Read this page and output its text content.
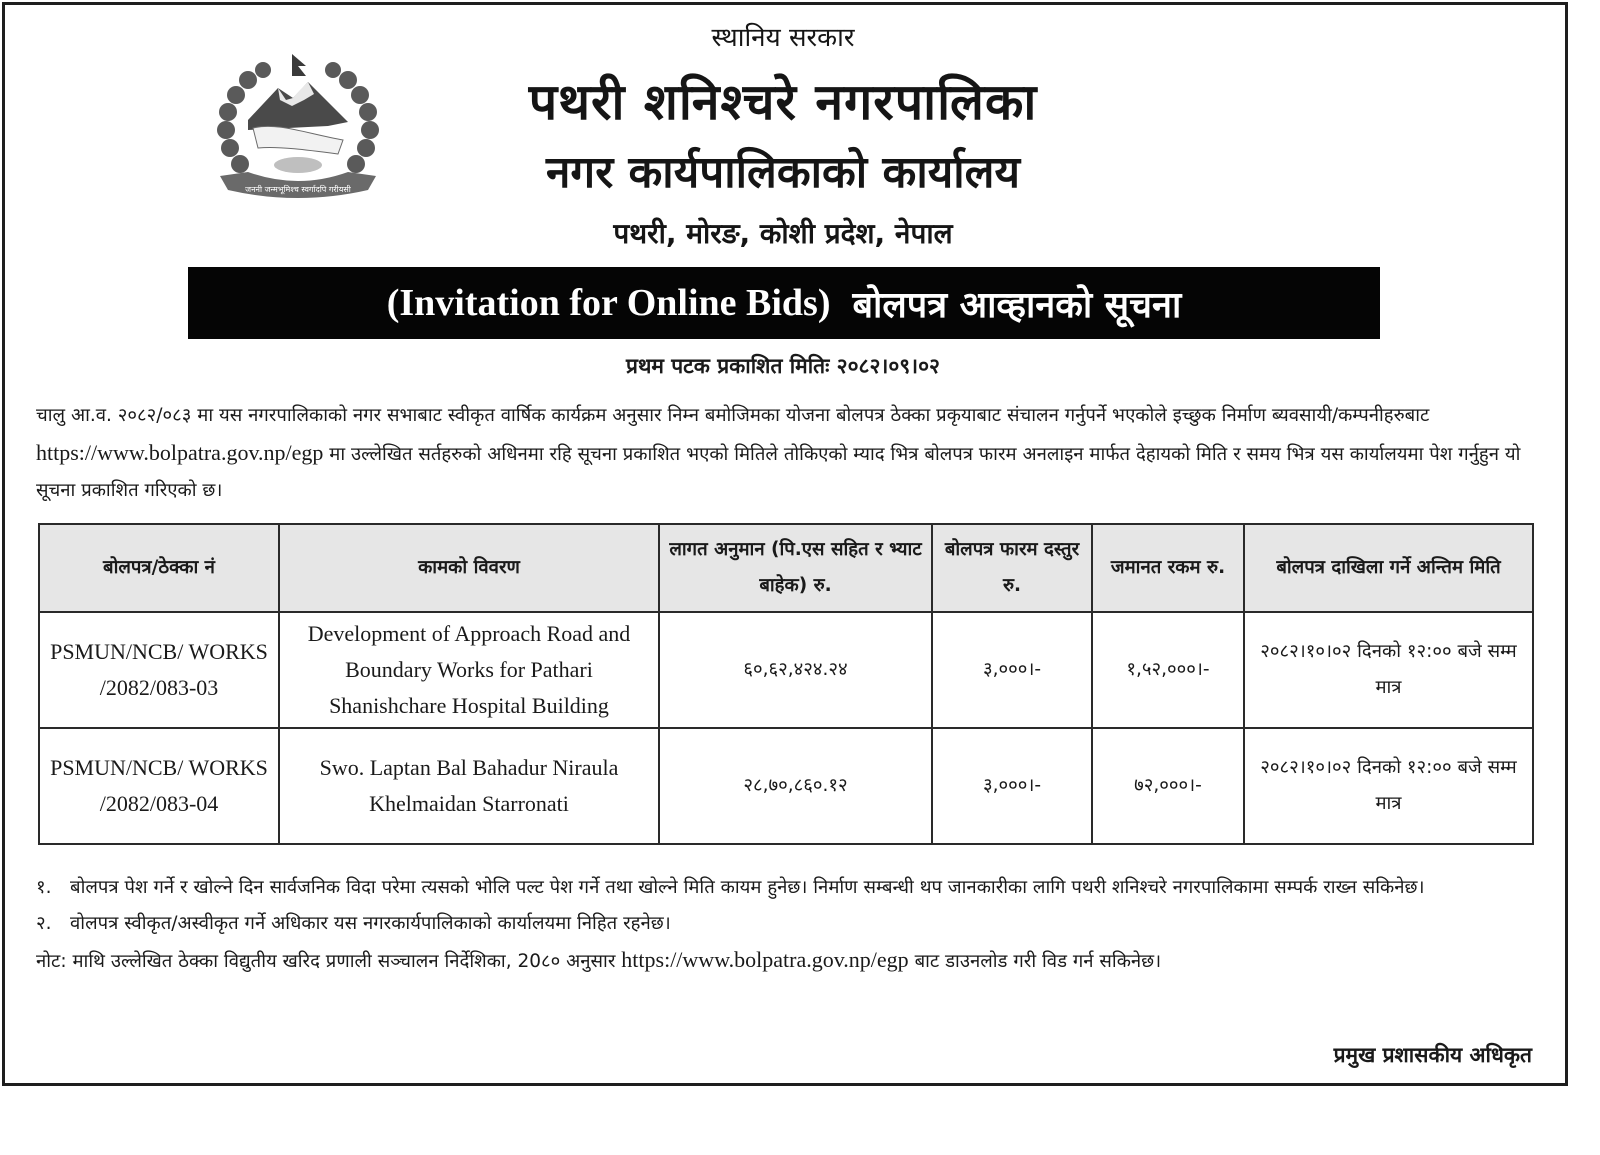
जननी जन्मभूमिश्च स्वर्गादपि गरीयसी
स्थानिय सरकार
पथरी शनिश्चरे नगरपालिका
नगर कार्यपालिकाको कार्यालय
पथरी, मोरङ, कोशी प्रदेश, नेपाल
(Invitation for Online Bids) बोलपत्र आव्हानको सूचना
प्रथम पटक प्रकाशित मितिः २०८२।०९।०२
चालु आ.व. २०८२/०८३ मा यस नगरपालिकाको नगर सभाबाट स्वीकृत वार्षिक कार्यक्रम अनुसार निम्न बमोजिमका योजना बोलपत्र ठेक्का प्रकृयाबाट संचालन गर्नुपर्ने भएकोले इच्छुक निर्माण ब्यवसायी/कम्पनीहरुबाट https://www.bolpatra.gov.np/egp मा उल्लेखित सर्तहरुको अधिनमा रहि सूचना प्रकाशित भएको मितिले तोकिएको म्याद भित्र बोलपत्र फारम अनलाइन मार्फत देहायको मिति र समय भित्र यस कार्यालयमा पेश गर्नुहुन यो सूचना प्रकाशित गरिएको छ।
बोलपत्र/ठेक्का नं	कामको विवरण	लागत अनुमान (पि.एस सहित र भ्याट बाहेक) रु.	बोलपत्र फारम दस्तुर रु.	जमानत रकम रु.	बोलपत्र दाखिला गर्ने अन्तिम मिति
PSMUN/NCB/ WORKS /2082/083-03	Development of Approach Road and Boundary Works for Pathari Shanishchare Hospital Building	६०,६२,४२४.२४	३,०००।-	१,५२,०००।-	२०८२।१०।०२ दिनको १२:०० बजे सम्म मात्र
PSMUN/NCB/ WORKS /2082/083-04	Swo. Laptan Bal Bahadur Niraula Khelmaidan Starronati	२८,७०,८६०.१२	३,०००।-	७२,०००।-	२०८२।१०।०२ दिनको १२:०० बजे सम्म मात्र
१. बोलपत्र पेश गर्ने र खोल्ने दिन सार्वजनिक विदा परेमा त्यसको भोलि पल्ट पेश गर्ने तथा खोल्ने मिति कायम हुनेछ। निर्माण सम्बन्धी थप जानकारीका लागि पथरी शनिश्चरे नगरपालिकामा सम्पर्क राख्न सकिनेछ।
२. वोलपत्र स्वीकृत/अस्वीकृत गर्ने अधिकार यस नगरकार्यपालिकाको कार्यालयमा निहित रहनेछ।
नोट: माथि उल्लेखित ठेक्का विद्युतीय खरिद प्रणाली सञ्चालन निर्देशिका, 20८० अनुसार https://www.bolpatra.gov.np/egp बाट डाउनलोड गरी विड गर्न सकिनेछ।
प्रमुख प्रशासकीय अधिकृत
